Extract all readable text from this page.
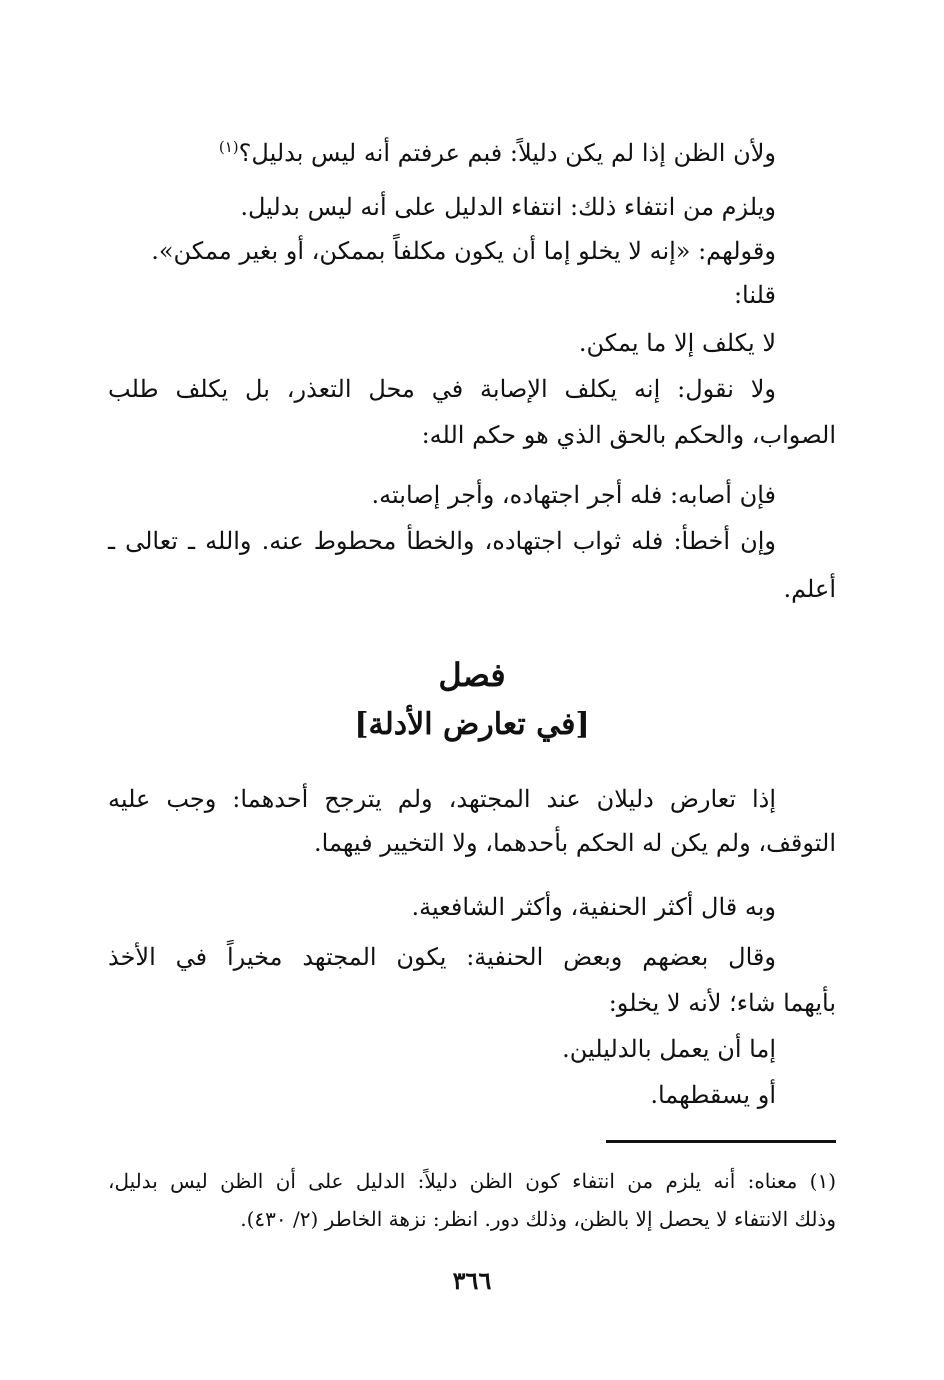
ولأن الظن إذا لم يكن دليلاً: فبم عرفتم أنه ليس بدليل؟$^{(١)}$
ويلزم من انتفاء ذلك: انتفاء الدليل على أنه ليس بدليل.
وقولهم: «إنه لا يخلو إما أن يكون مكلفاً بممكن، أو بغير ممكن».
قلنا:
لا يكلف إلا ما يمكن.
ولا نقول: إنه يكلف الإصابة في محل التعذر، بل يكلف طلب
الصواب، والحكم بالحق الذي هو حكم الله:
فإن أصابه: فله أجر اجتهاده، وأجر إصابته.
وإن أخطأ: فله ثواب اجتهاده، والخطأ محطوط عنه. والله ـ تعالى ـ
أعلم.
فصل
[في تعارض الأدلة]
إذا تعارض دليلان عند المجتهد، ولم يترجح أحدهما: وجب عليه
التوقف، ولم يكن له الحكم بأحدهما، ولا التخيير فيهما.
وبه قال أكثر الحنفية، وأكثر الشافعية.
وقال بعضهم وبعض الحنفية: يكون المجتهد مخيراً في الأخذ
بأيهما شاء؛ لأنه لا يخلو:
إما أن يعمل بالدليلين.
أو يسقطهما.
(١) معناه: أنه يلزم من انتفاء كون الظن دليلاً: الدليل على أن الظن ليس بدليل،
وذلك الانتفاء لا يحصل إلا بالظن، وذلك دور. انظر: نزهة الخاطر (٢/ ٤٣٠).
٣٦٦
